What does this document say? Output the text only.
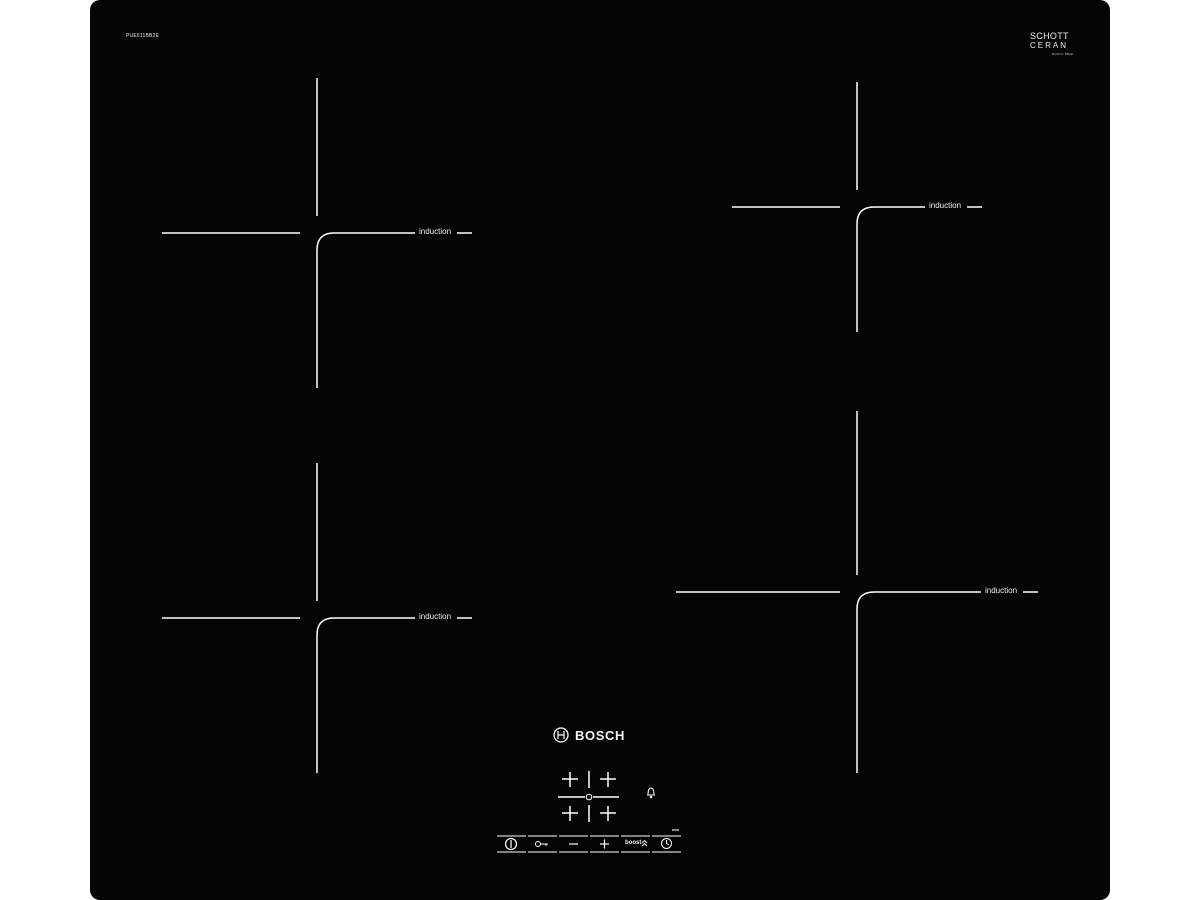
PUE611BB2E	SCHOTT
CERAN
BOSCH BB2E
induction
induction
induction
induction
BOSCH
boost
min
